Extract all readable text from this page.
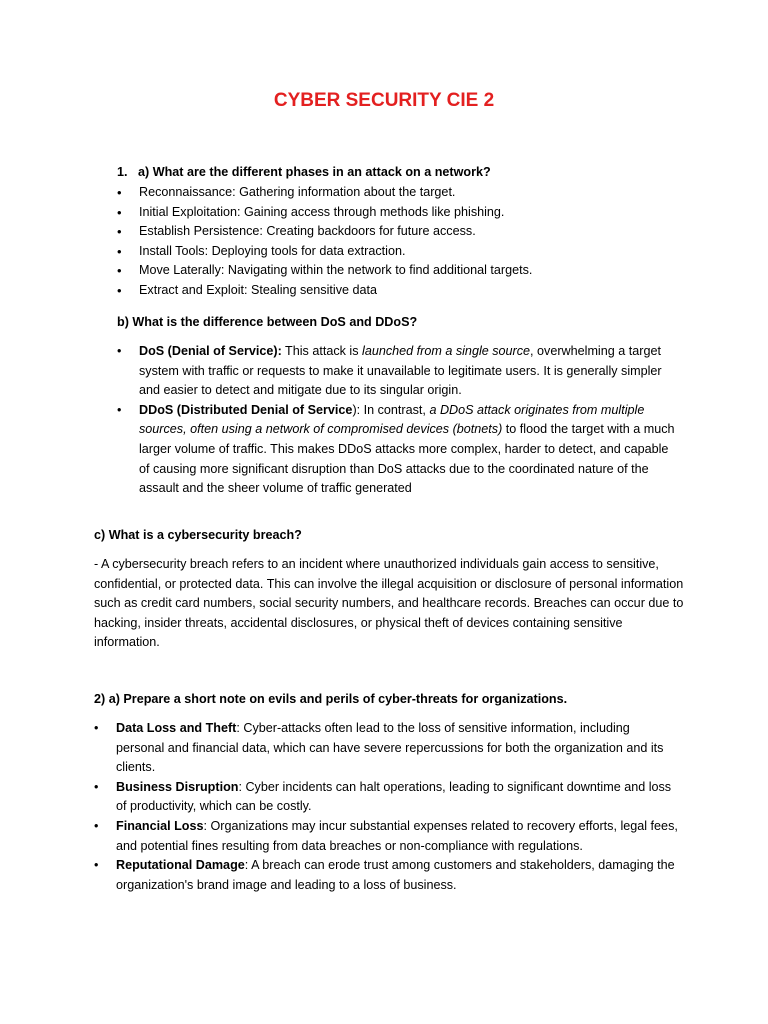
CYBER SECURITY CIE 2
1. a) What are the different phases in an attack on a network?
• Reconnaissance: Gathering information about the target.
• Initial Exploitation: Gaining access through methods like phishing.
• Establish Persistence: Creating backdoors for future access.
• Install Tools: Deploying tools for data extraction.
• Move Laterally: Navigating within the network to find additional targets.
• Extract and Exploit: Stealing sensitive data
b) What is the difference between DoS and DDoS?
• DoS (Denial of Service): This attack is launched from a single source, overwhelming a target system with traffic or requests to make it unavailable to legitimate users. It is generally simpler and easier to detect and mitigate due to its singular origin.

• DDoS (Distributed Denial of Service): In contrast, a DDoS attack originates from multiple sources, often using a network of compromised devices (botnets) to flood the target with a much larger volume of traffic. This makes DDoS attacks more complex, harder to detect, and capable of causing more significant disruption than DoS attacks due to the coordinated nature of the assault and the sheer volume of traffic generated

c) What is a cybersecurity breach?

- A cybersecurity breach refers to an incident where unauthorized individuals gain access to sensitive, confidential, or protected data. This can involve the illegal acquisition or disclosure of personal information such as credit card numbers, social security numbers, and healthcare records. Breaches can occur due to hacking, insider threats, accidental disclosures, or physical theft of devices containing sensitive information.

2) a) Prepare a short note on evils and perils of cyber-threats for organizations.
• Data Loss and Theft: Cyber-attacks often lead to the loss of sensitive information, including personal and financial data, which can have severe repercussions for both the organization and its clients.

• Business Disruption: Cyber incidents can halt operations, leading to significant downtime and loss of productivity, which can be costly.

• Financial Loss: Organizations may incur substantial expenses related to recovery efforts, legal fees, and potential fines resulting from data breaches or non-compliance with regulations.

• Reputational Damage: A breach can erode trust among customers and stakeholders, damaging the organization's brand image and leading to a loss of business.
